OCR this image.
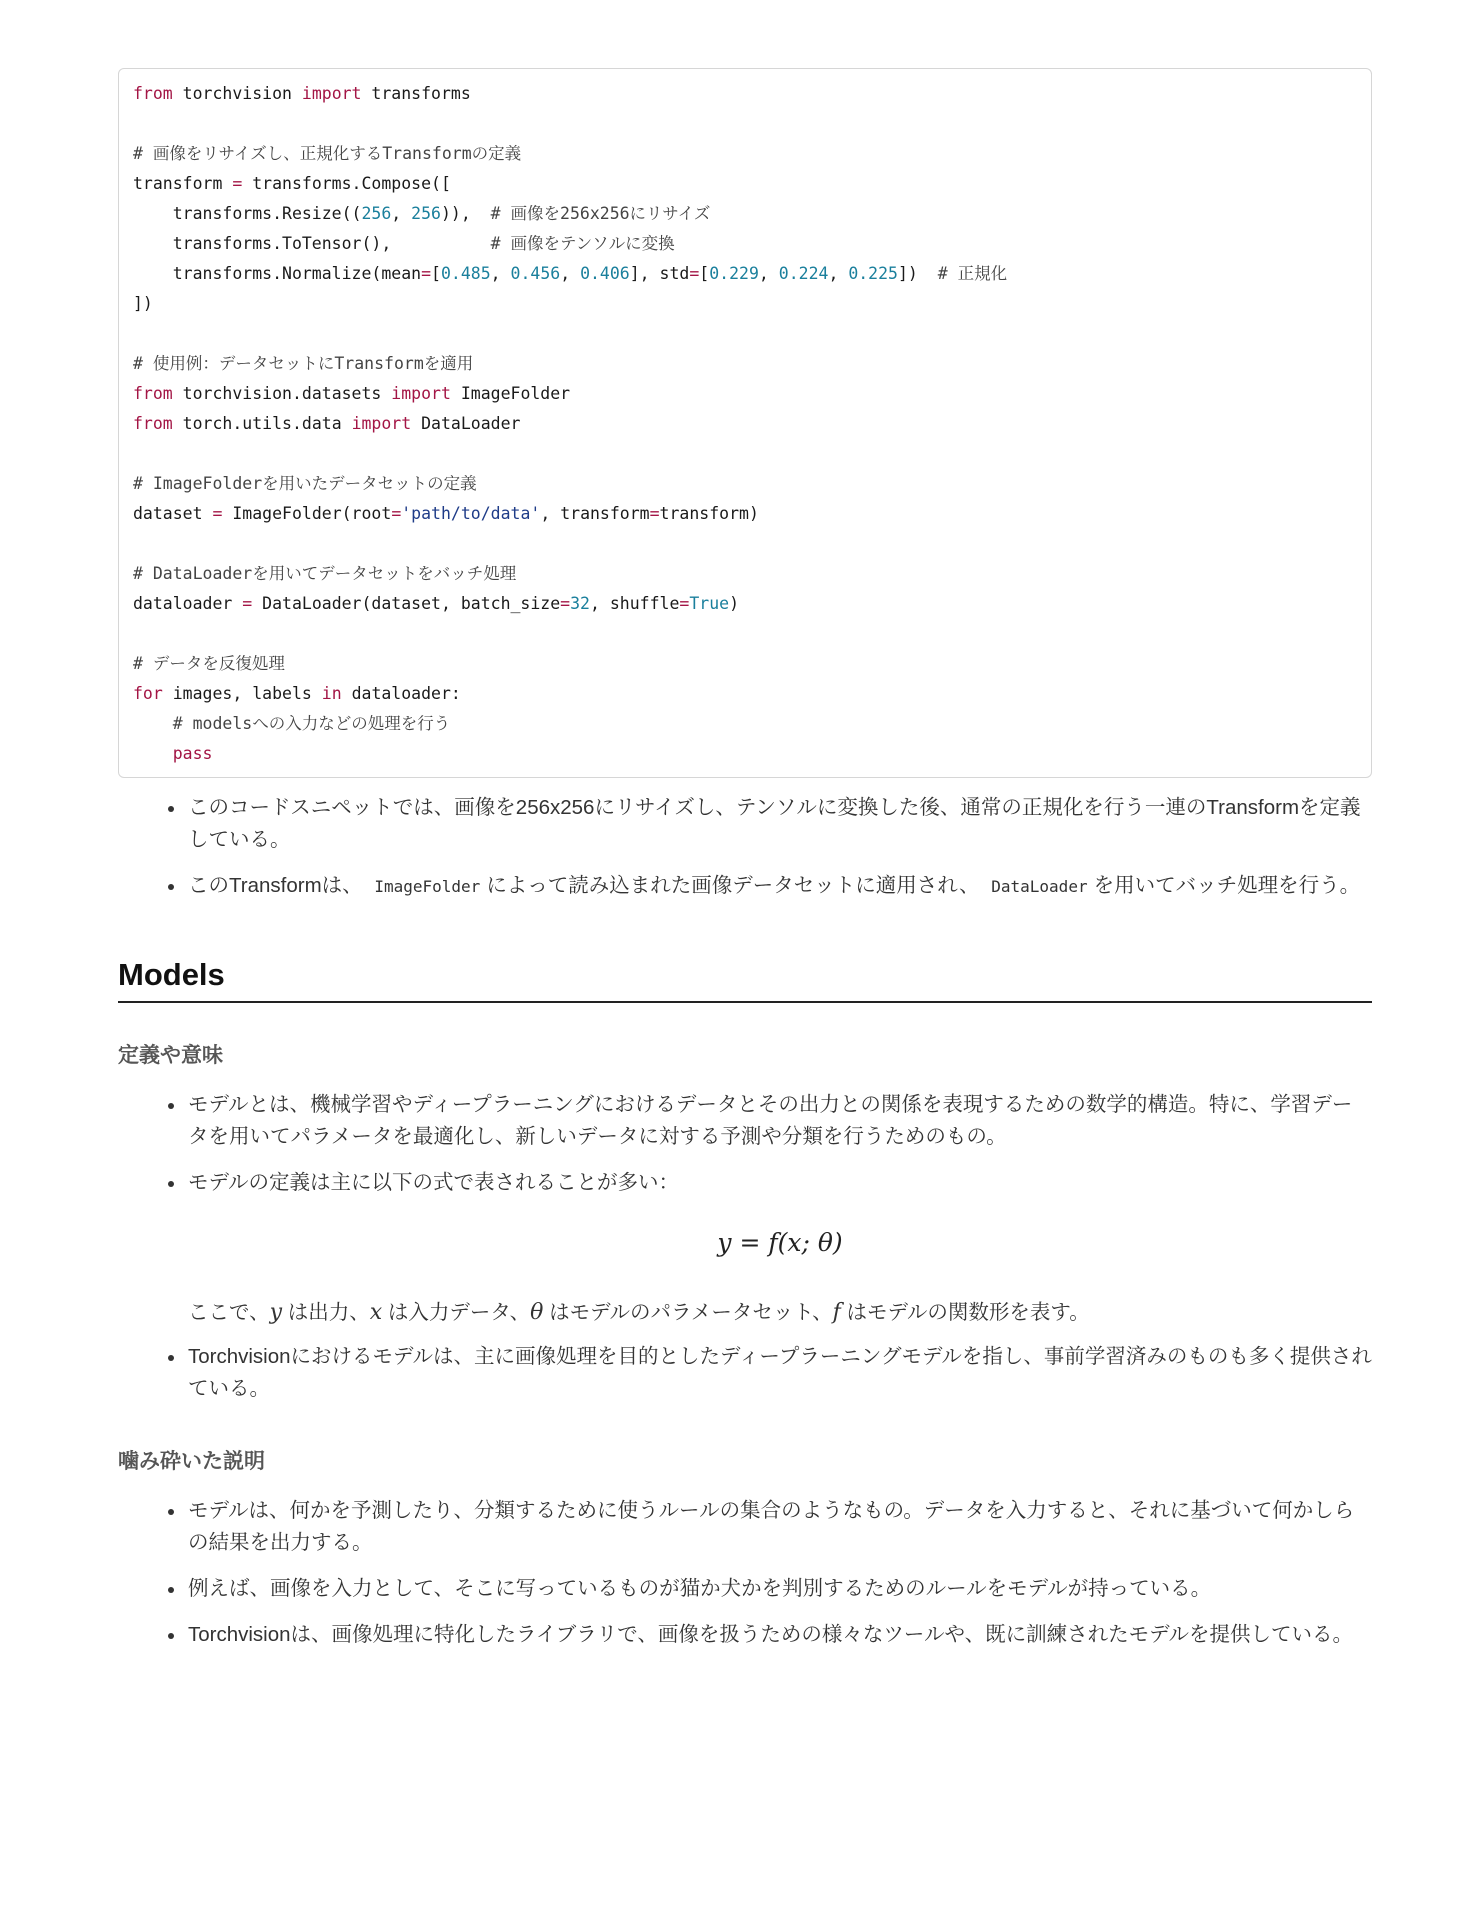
from torchvision import transforms

# 画像をリサイズし、正規化するTransformの定義
transform = transforms.Compose([
transforms.Resize((256, 256)),  # 画像を256x256にリサイズ
transforms.ToTensor(),          # 画像をテンソルに変換
transforms.Normalize(mean=[0.485, 0.456, 0.406], std=[0.229, 0.224, 0.225])  # 正規化
])

# 使用例：データセットにTransformを適用
from torchvision.datasets import ImageFolder
from torch.utils.data import DataLoader

# ImageFolderを用いたデータセットの定義
dataset = ImageFolder(root='path/to/data', transform=transform)

# DataLoaderを用いてデータセットをバッチ処理
dataloader = DataLoader(dataset, batch_size=32, shuffle=True)

# データを反復処理
for images, labels in dataloader:
# modelsへの入力などの処理を行う
pass
このコードスニペットでは、画像を256x256にリサイズし、テンソルに変換した後、通常の正規化を行う一連のTransformを定義している。
このTransformは、 ImageFolder によって読み込まれた画像データセットに適用され、 DataLoader を用いてバッチ処理を行う。
Models
定義や意味
モデルとは、機械学習やディープラーニングにおけるデータとその出力との関係を表現するための数学的構造。特に、学習データを用いてパラメータを最適化し、新しいデータに対する予測や分類を行うためのもの。
モデルの定義は主に以下の式で表されることが多い：
y = f(x; θ)
ここで、y は出力、x は入力データ、θ はモデルのパラメータセット、f はモデルの関数形を表す。
Torchvisionにおけるモデルは、主に画像処理を目的としたディープラーニングモデルを指し、事前学習済みのものも多く提供されている。
噛み砕いた説明
モデルは、何かを予測したり、分類するために使うルールの集合のようなもの。データを入力すると、それに基づいて何かしらの結果を出力する。
例えば、画像を入力として、そこに写っているものが猫か犬かを判別するためのルールをモデルが持っている。
Torchvisionは、画像処理に特化したライブラリで、画像を扱うための様々なツールや、既に訓練されたモデルを提供している。
